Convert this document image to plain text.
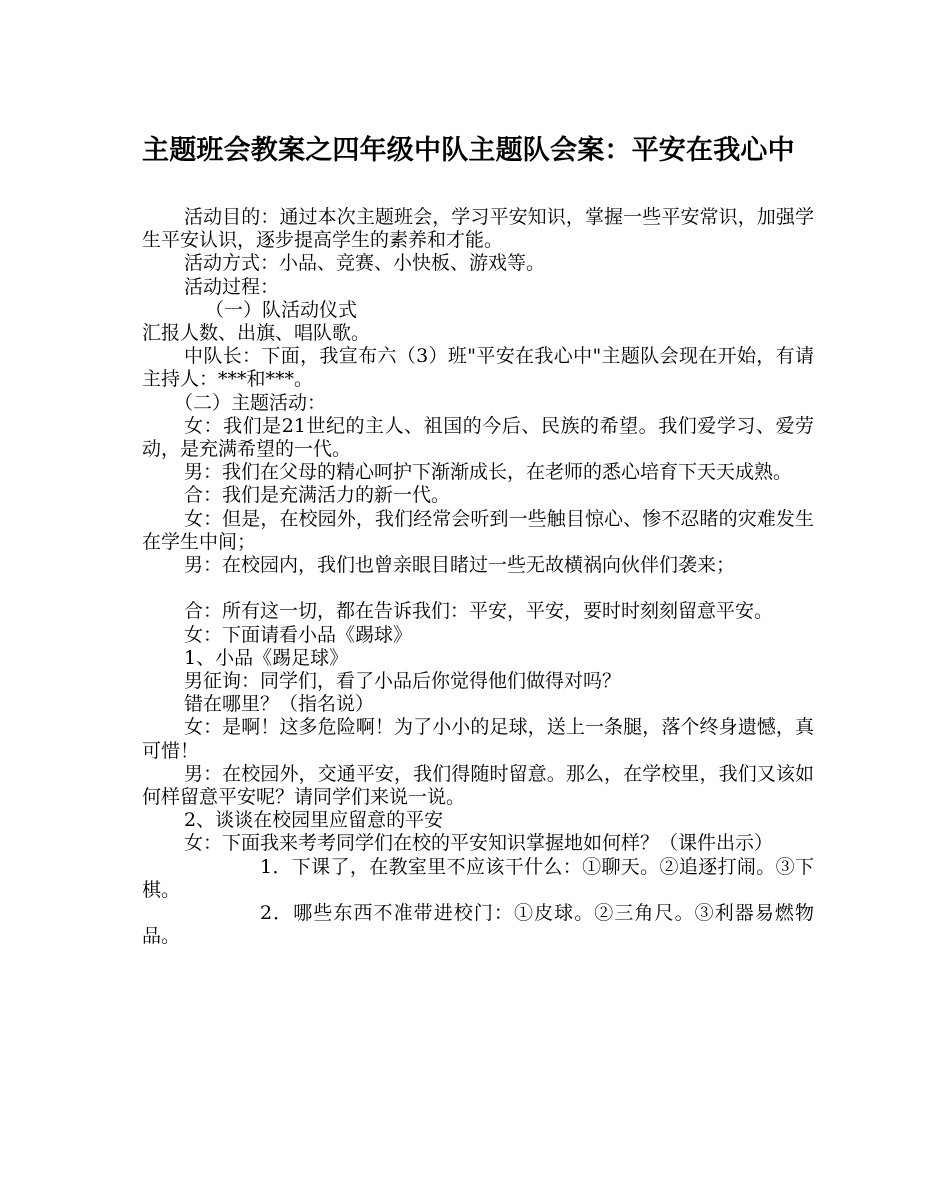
主题班会教案之四年级中队主题队会案：平安在我心中

活动目的：通过本次主题班会，学习平安知识，掌握一些平安常识，加强学生平安认识，逐步提高学生的素养和才能。

活动方式：小品、竞赛、小快板、游戏等。

活动过程：

（一）队活动仪式

汇报人数、出旗、唱队歌。

中队长：下面，我宣布六（3）班"平安在我心中"主题队会现在开始，有请主持人：***和***。

（二）主题活动：

女：我们是21世纪的主人、祖国的今后、民族的希望。我们爱学习、爱劳动，是充满希望的一代。

男：我们在父母的精心呵护下渐渐成长，在老师的悉心培育下天天成熟。

合：我们是充满活力的新一代。

女：但是，在校园外，我们经常会听到一些触目惊心、惨不忍睹的灾难发生在学生中间；

男：在校园内，我们也曾亲眼目睹过一些无故横祸向伙伴们袭来；

合：所有这一切，都在告诉我们：平安，平安，要时时刻刻留意平安。

女：下面请看小品《踢球》

1、小品《踢足球》

男征询：同学们，看了小品后你觉得他们做得对吗？

错在哪里？（指名说）

女：是啊！这多危险啊！为了小小的足球，送上一条腿，落个终身遗憾，真可惜！

男：在校园外，交通平安，我们得随时留意。那么，在学校里，我们又该如何样留意平安呢？请同学们来说一说。

2、谈谈在校园里应留意的平安

女：下面我来考考同学们在校的平安知识掌握地如何样？（课件出示）

1．下课了，在教室里不应该干什么：①聊天。②追逐打闹。③下棋。

2．哪些东西不准带进校门：①皮球。②三角尺。③利器易燃物品。
